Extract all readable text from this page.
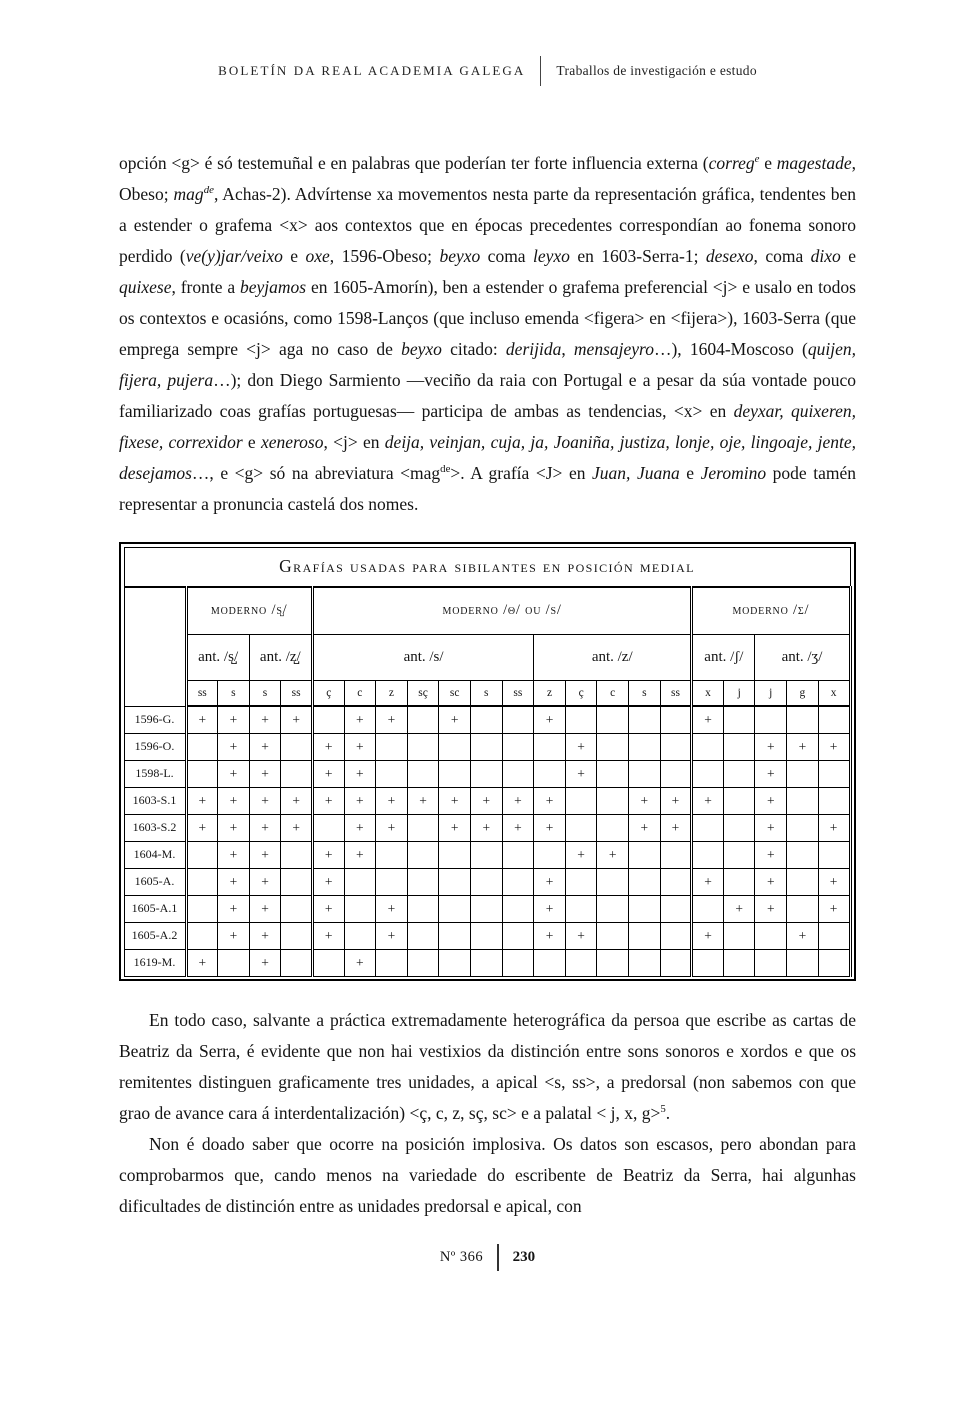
BOLETÍN DA REAL ACADEMIA GALEGA Traballos de investigación e estudo

opción <g> é só testemuñal e en palabras que poderían ter forte influencia externa (correg$^e$ e magestade, Obeso; mag$^{de}$, Achas-2). Advírtense xa movementos nesta parte da representación gráfica, tendentes ben a estender o grafema <x> aos contextos que en épocas precedentes correspondían ao fonema sonoro perdido (ve(y)jar/veixo e oxe, 1596-Obeso; beyxo coma leyxo en 1603-Serra-1; desexo, coma dixo e quixese, fronte a beyjamos en 1605-Amorín), ben a estender o grafema preferencial <j> e usalo en todos os contextos e ocasións, como 1598-Lanços (que incluso emenda <figera> en <fijera>), 1603-Serra (que emprega sempre <j> aga no caso de beyxo citado: derijida, mensajeyro…), 1604-Moscoso (quijen, fijera, pujera…); don Diego Sarmiento —veciño da raia con Portugal e a pesar da súa vontade pouco familiarizado coas grafías portuguesas— participa de ambas as tendencias, <x> en deyxar, quixeren, fixese, correxidor e xeneroso, <j> en deija, veinjan, cuja, ja, Joaniña, justiza, lonje, oje, lingoaje, jente, desejamos…, e <g> só na abreviatura <mag$^{de}$>. A grafía <J> en Juan, Juana e Jeromino pode tamén representar a pronuncia castelá dos nomes.

Grafías usadas para sibilantes en posición medial																					
	moderno /s̺/				moderno /θ/ ou /s/												moderno /ʃ/				
	ant. /s̺/		ant. /z̺/		ant. /s/							ant. /z/					ant. /ʃ/		ant. /ʒ/		
	ss	s	s	ss	ç	c	z	sç	sc	s	ss	z	ç	c	s	ss	x	j	j	g	x
1596-G.	+	+	+	+		+	+		+			+					+				
1596-O.		+	+		+	+							+						+	+	+
1598-L.		+	+		+	+							+						+		
1603-S.1	+	+	+	+	+	+	+	+	+	+	+	+			+	+	+		+		
1603-S.2	+	+	+	+		+	+		+	+	+	+			+	+			+		+
1604-M.		+	+		+	+							+	+					+		
1605-A.		+	+		+							+					+		+		+
1605-A.1		+	+		+		+					+						+	+		+
1605-A.2		+	+		+		+					+	+				+			+	
1619-M.	+		+			+															

En todo caso, salvante a práctica extremadamente heterográfica da persoa que escribe as cartas de Beatriz da Serra, é evidente que non hai vestixios da distinción entre sons sonoros e xordos e que os remitentes distinguen graficamente tres unidades, a apical <s, ss>, a predorsal (non sabemos con que grao de avance cara á interdentalización) <ç, c, z, sç, sc> e a palatal < j, x, g>$^5$.

Non é doado saber que ocorre na posición implosiva. Os datos son escasos, pero abondan para comprobarmos que, cando menos na variedade do escribente de Beatriz da Serra, hai algunhas dificultades de distinción entre as unidades predorsal e apical, con

Nº 366 230
